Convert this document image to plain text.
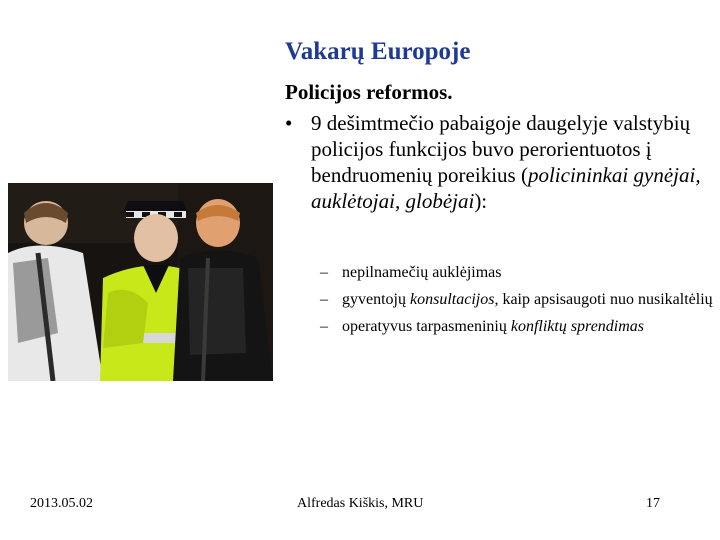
Vakarų Europoje
Policijos reformos.
• 9 dešimtmečio pabaigoje daugelyje valstybių policijos funkcijos buvo perorientuotos į bendruomenių poreikius (policininkai gynėjai, auklėtojai, globėjai):
– nepilnamečių auklėjimas
– gyventojų konsultacijos, kaip apsisaugoti nuo nusikaltėlių
– operatyvus tarpasmeninių konfliktų sprendimas
2013.05.02	Alfredas Kiškis, MRU	17
